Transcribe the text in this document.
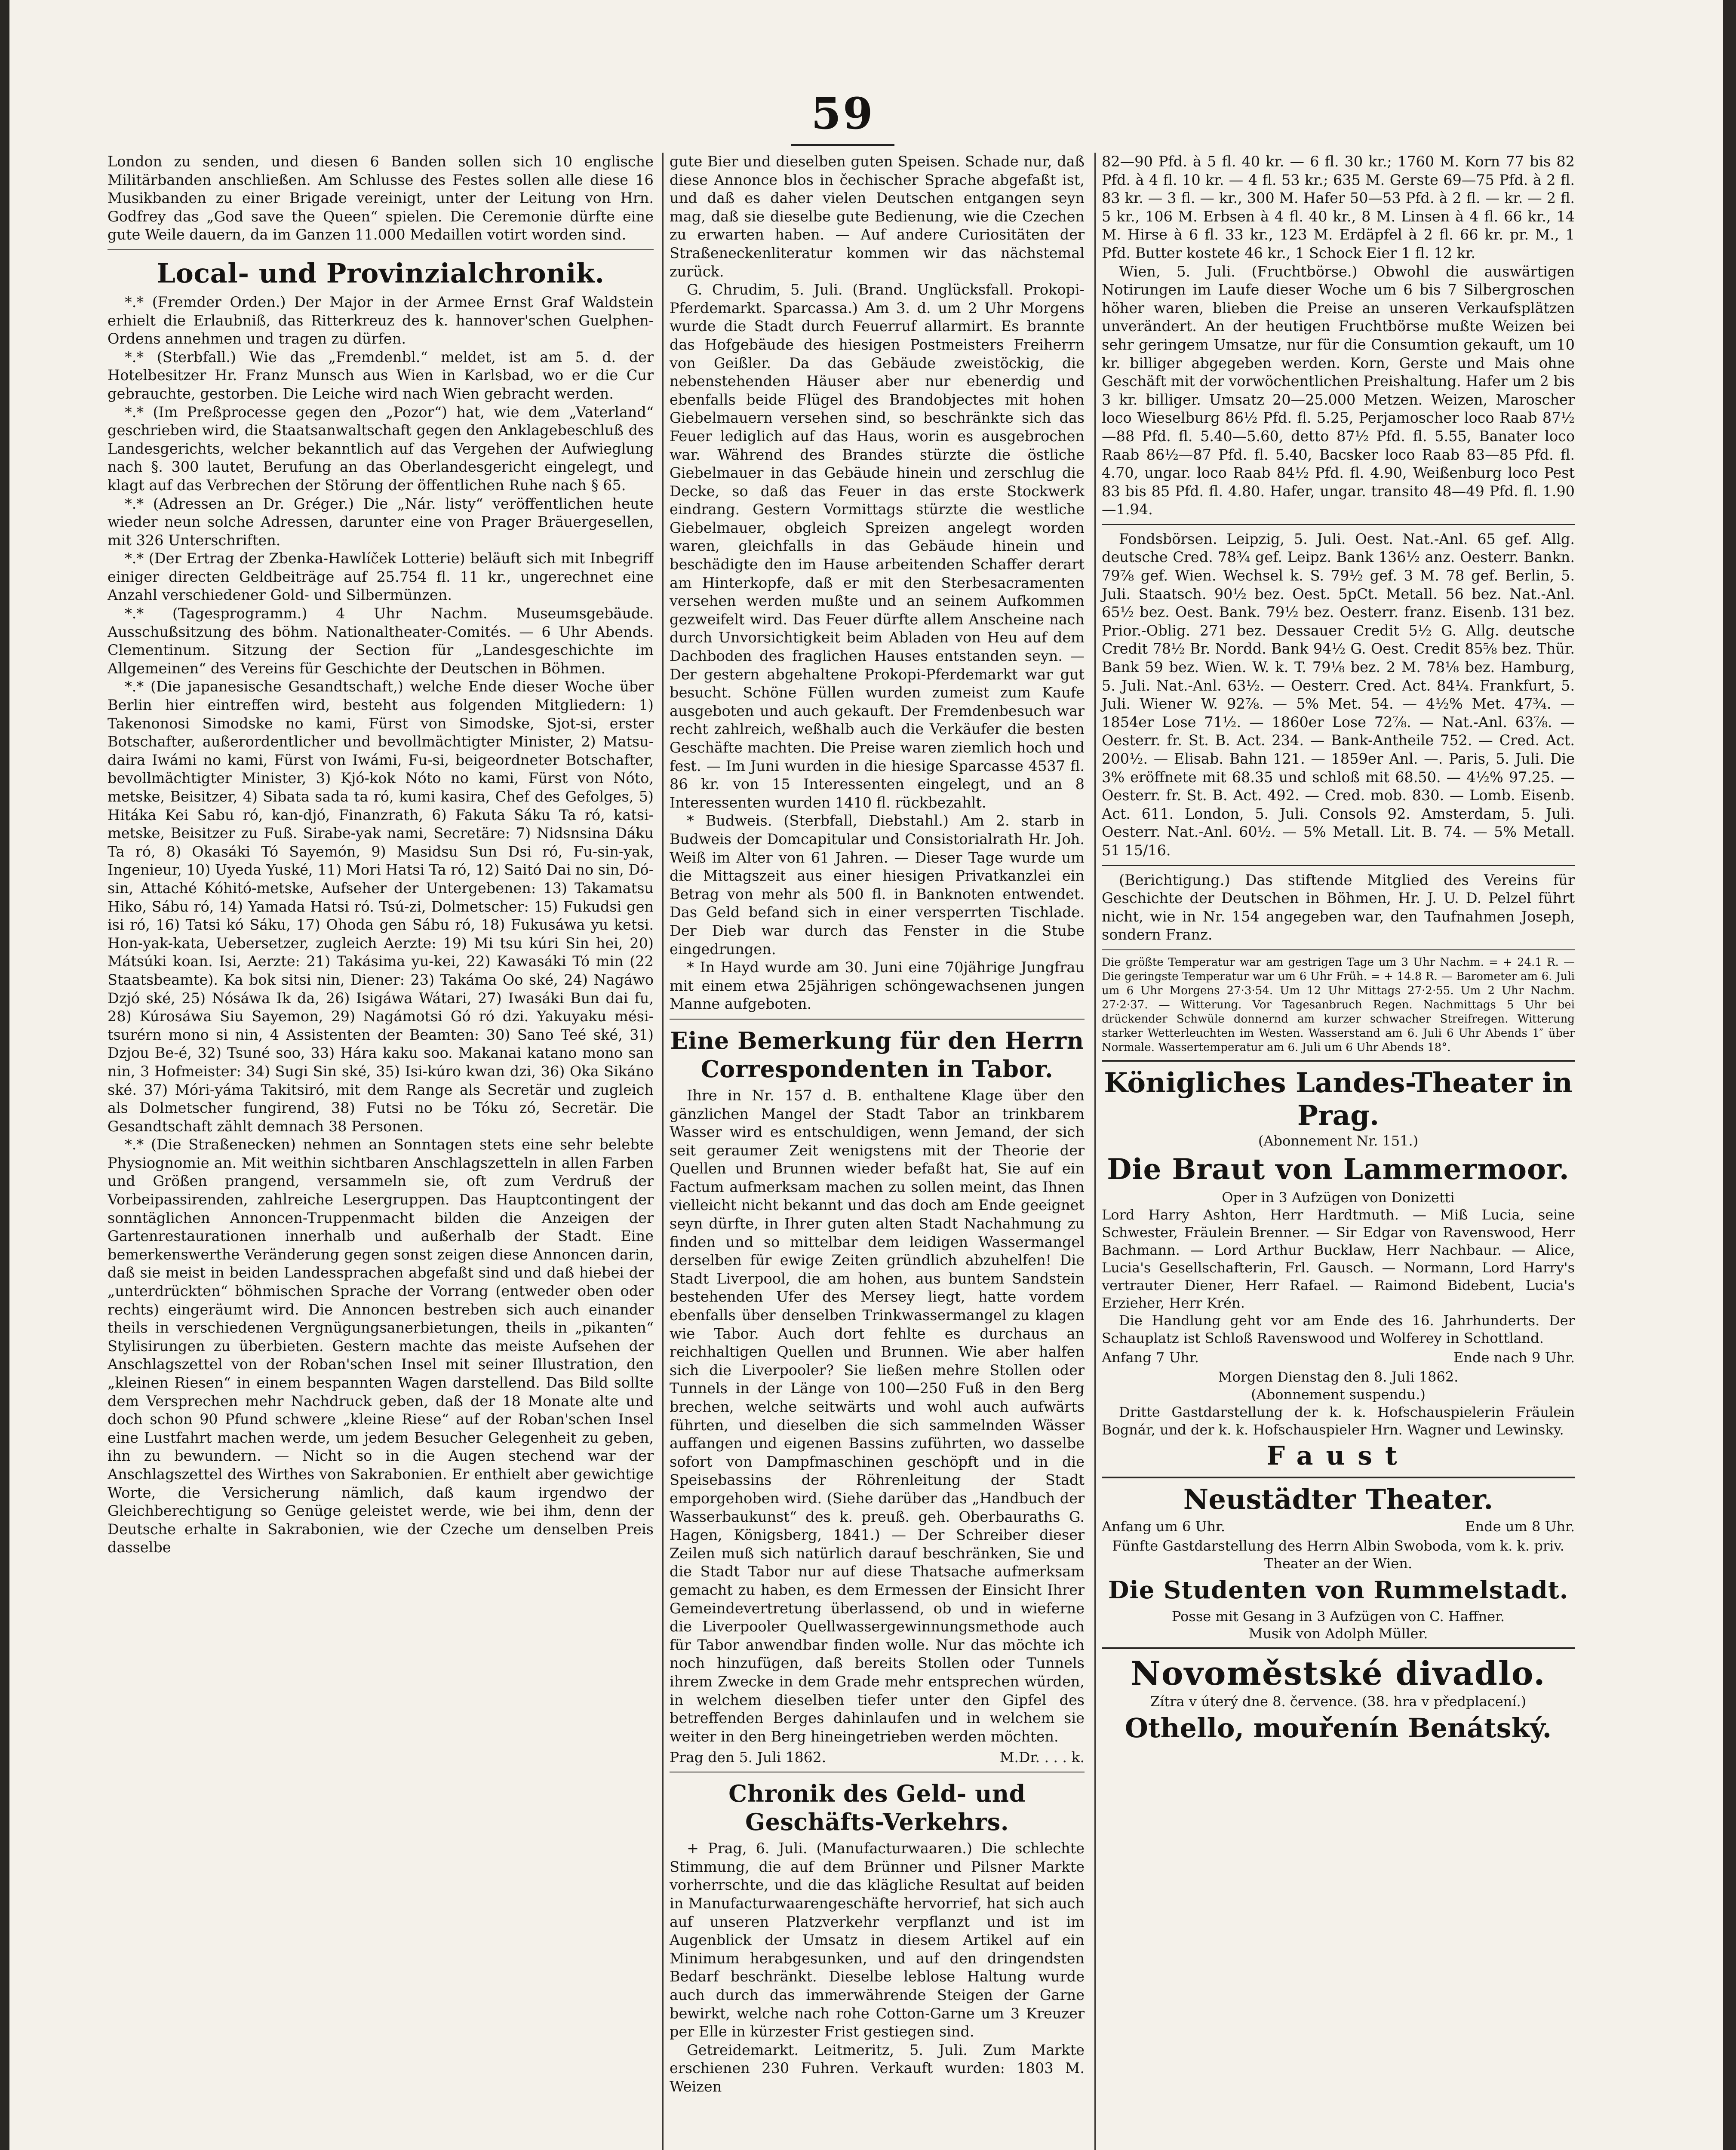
59

London zu senden, und diesen 6 Banden sollen sich 10 englische Militärbanden anschließen. Am Schlusse des Festes sollen alle diese 16 Musikbanden zu einer Brigade vereinigt, unter der Leitung von Hrn. Godfrey das „God save the Queen“ spielen. Die Ceremonie dürfte eine gute Weile dauern, da im Ganzen 11.000 Medaillen votirt worden sind.

Local- und Provinzialchronik.

*.* (Fremder Orden.) Der Major in der Armee Ernst Graf Waldstein erhielt die Erlaubniß, das Ritterkreuz des k. hannover'schen Guelphen-Ordens annehmen und tragen zu dürfen.

*.* (Sterbfall.) Wie das „Fremdenbl.“ meldet, ist am 5. d. der Hotelbesitzer Hr. Franz Munsch aus Wien in Karlsbad, wo er die Cur gebrauchte, gestorben. Die Leiche wird nach Wien gebracht werden.

*.* (Im Preßprocesse gegen den „Pozor“) hat, wie dem „Vaterland“ geschrieben wird, die Staatsanwaltschaft gegen den Anklagebeschluß des Landesgerichts, welcher bekanntlich auf das Vergehen der Aufwieglung nach §. 300 lautet, Berufung an das Oberlandesgericht eingelegt, und klagt auf das Verbrechen der Störung der öffentlichen Ruhe nach § 65.

*.* (Adressen an Dr. Gréger.) Die „Nár. listy“ veröffentlichen heute wieder neun solche Adressen, darunter eine von Prager Bräuergesellen, mit 326 Unterschriften.

*.* (Der Ertrag der Zbenka-Hawlíček Lotterie) beläuft sich mit Inbegriff einiger directen Geldbeiträge auf 25.754 fl. 11 kr., ungerechnet eine Anzahl verschiedener Gold- und Silbermünzen.

*.* (Tagesprogramm.) 4 Uhr Nachm. Museumsgebäude. Ausschußsitzung des böhm. Nationaltheater-Comités. — 6 Uhr Abends. Clementinum. Sitzung der Section für „Landesgeschichte im Allgemeinen“ des Vereins für Geschichte der Deutschen in Böhmen.

*.* (Die japanesische Gesandtschaft,) welche Ende dieser Woche über Berlin hier eintreffen wird, besteht aus folgenden Mitgliedern: 1) Takenonosi Simodske no kami, Fürst von Simodske, Sjot-si, erster Botschafter, außerordentlicher und bevollmächtigter Minister, 2) Matsu-daira Iwámi no kami, Fürst von Iwámi, Fu-si, beigeordneter Botschafter, bevollmächtigter Minister, 3) Kjó-kok Nóto no kami, Fürst von Nóto, metske, Beisitzer, 4) Sibata sada ta ró, kumi kasira, Chef des Gefolges, 5) Hitáka Kei Sabu ró, kan-djó, Finanzrath, 6) Fakuta Sáku Ta ró, katsi-metske, Beisitzer zu Fuß. Sirabe-yak nami, Secretäre: 7) Nidsnsina Dáku Ta ró, 8) Okasáki Tó Sayemón, 9) Masidsu Sun Dsi ró, Fu-sin-yak, Ingenieur, 10) Uyeda Yuské, 11) Mori Hatsi Ta ró, 12) Saitó Dai no sin, Dó-sin, Attaché Kóhitó-metske, Aufseher der Untergebenen: 13) Takamatsu Hiko, Sábu ró, 14) Yamada Hatsi ró. Tsú-zi, Dolmetscher: 15) Fukudsi gen isi ró, 16) Tatsi kó Sáku, 17) Ohoda gen Sábu ró, 18) Fukusáwa yu ketsi. Hon-yak-kata, Uebersetzer, zugleich Aerzte: 19) Mi tsu kúri Sin hei, 20) Mátsúki koan. Isi, Aerzte: 21) Takásima yu-kei, 22) Kawasáki Tó min (22 Staatsbeamte). Ka bok sitsi nin, Diener: 23) Takáma Oo ské, 24) Nagáwo Dzjó ské, 25) Nósáwa Ik da, 26) Isigáwa Wátari, 27) Iwasáki Bun dai fu, 28) Kúrosáwa Siu Sayemon, 29) Nagámotsi Gó ró dzi. Yakuyaku mési-tsurérn mono si nin, 4 Assistenten der Beamten: 30) Sano Teé ské, 31) Dzjou Be-é, 32) Tsuné soo, 33) Hára kaku soo. Makanai katano mono san nin, 3 Hofmeister: 34) Sugi Sin ské, 35) Isi-kúro kwan dzi, 36) Oka Sikáno ské. 37) Móri-yáma Takitsiró, mit dem Range als Secretär und zugleich als Dolmetscher fungirend, 38) Futsi no be Tóku zó, Secretär. Die Gesandtschaft zählt demnach 38 Personen.

*.* (Die Straßenecken) nehmen an Sonntagen stets eine sehr belebte Physiognomie an. Mit weithin sichtbaren Anschlagszetteln in allen Farben und Größen prangend, versammeln sie, oft zum Verdruß der Vorbeipassirenden, zahlreiche Lesergruppen. Das Hauptcontingent der sonntäglichen Annoncen-Truppenmacht bilden die Anzeigen der Gartenrestaurationen innerhalb und außerhalb der Stadt. Eine bemerkenswerthe Veränderung gegen sonst zeigen diese Annoncen darin, daß sie meist in beiden Landessprachen abgefaßt sind und daß hiebei der „unterdrückten“ böhmischen Sprache der Vorrang (entweder oben oder rechts) eingeräumt wird. Die Annoncen bestreben sich auch einander theils in verschiedenen Vergnügungsanerbietungen, theils in „pikanten“ Stylisirungen zu überbieten. Gestern machte das meiste Aufsehen der Anschlagszettel von der Roban'schen Insel mit seiner Illustration, den „kleinen Riesen“ in einem bespannten Wagen darstellend. Das Bild sollte dem Versprechen mehr Nachdruck geben, daß der 18 Monate alte und doch schon 90 Pfund schwere „kleine Riese“ auf der Roban'schen Insel eine Lustfahrt machen werde, um jedem Besucher Gelegenheit zu geben, ihn zu bewundern. — Nicht so in die Augen stechend war der Anschlagszettel des Wirthes von Sakrabonien. Er enthielt aber gewichtige Worte, die Versicherung nämlich, daß kaum irgendwo der Gleichberechtigung so Genüge geleistet werde, wie bei ihm, denn der Deutsche erhalte in Sakrabonien, wie der Czeche um denselben Preis dasselbe

gute Bier und dieselben guten Speisen. Schade nur, daß diese Annonce blos in čechischer Sprache abgefaßt ist, und daß es daher vielen Deutschen entgangen seyn mag, daß sie dieselbe gute Bedienung, wie die Czechen zu erwarten haben. — Auf andere Curiositäten der Straßeneckenliteratur kommen wir das nächstemal zurück.

G. Chrudim, 5. Juli. (Brand. Unglücksfall. Prokopi-Pferdemarkt. Sparcassa.) Am 3. d. um 2 Uhr Morgens wurde die Stadt durch Feuerruf allarmirt. Es brannte das Hofgebäude des hiesigen Postmeisters Freiherrn von Geißler. Da das Gebäude zweistöckig, die nebenstehenden Häuser aber nur ebenerdig und ebenfalls beide Flügel des Brandobjectes mit hohen Giebelmauern versehen sind, so beschränkte sich das Feuer lediglich auf das Haus, worin es ausgebrochen war. Während des Brandes stürzte die östliche Giebelmauer in das Gebäude hinein und zerschlug die Decke, so daß das Feuer in das erste Stockwerk eindrang. Gestern Vormittags stürzte die westliche Giebelmauer, obgleich Spreizen angelegt worden waren, gleichfalls in das Gebäude hinein und beschädigte den im Hause arbeitenden Schaffer derart am Hinterkopfe, daß er mit den Sterbesacramenten versehen werden mußte und an seinem Aufkommen gezweifelt wird. Das Feuer dürfte allem Anscheine nach durch Unvorsichtigkeit beim Abladen von Heu auf dem Dachboden des fraglichen Hauses entstanden seyn. — Der gestern abgehaltene Prokopi-Pferdemarkt war gut besucht. Schöne Füllen wurden zumeist zum Kaufe ausgeboten und auch gekauft. Der Fremdenbesuch war recht zahlreich, weßhalb auch die Verkäufer die besten Geschäfte machten. Die Preise waren ziemlich hoch und fest. — Im Juni wurden in die hiesige Sparcasse 4537 fl. 86 kr. von 15 Interessenten eingelegt, und an 8 Interessenten wurden 1410 fl. rückbezahlt.

* Budweis. (Sterbfall, Diebstahl.) Am 2. starb in Budweis der Domcapitular und Consistorialrath Hr. Joh. Weiß im Alter von 61 Jahren. — Dieser Tage wurde um die Mittagszeit aus einer hiesigen Privatkanzlei ein Betrag von mehr als 500 fl. in Banknoten entwendet. Das Geld befand sich in einer versperrten Tischlade. Der Dieb war durch das Fenster in die Stube eingedrungen.

* In Hayd wurde am 30. Juni eine 70jährige Jungfrau mit einem etwa 25jährigen schöngewachsenen jungen Manne aufgeboten.

Eine Bemerkung für den Herrn Correspondenten in Tabor.

Ihre in Nr. 157 d. B. enthaltene Klage über den gänzlichen Mangel der Stadt Tabor an trinkbarem Wasser wird es entschuldigen, wenn Jemand, der sich seit geraumer Zeit wenigstens mit der Theorie der Quellen und Brunnen wieder befaßt hat, Sie auf ein Factum aufmerksam machen zu sollen meint, das Ihnen vielleicht nicht bekannt und das doch am Ende geeignet seyn dürfte, in Ihrer guten alten Stadt Nachahmung zu finden und so mittelbar dem leidigen Wassermangel derselben für ewige Zeiten gründlich abzuhelfen! Die Stadt Liverpool, die am hohen, aus buntem Sandstein bestehenden Ufer des Mersey liegt, hatte vordem ebenfalls über denselben Trinkwassermangel zu klagen wie Tabor. Auch dort fehlte es durchaus an reichhaltigen Quellen und Brunnen. Wie aber halfen sich die Liverpooler? Sie ließen mehre Stollen oder Tunnels in der Länge von 100—250 Fuß in den Berg brechen, welche seitwärts und wohl auch aufwärts führten, und dieselben die sich sammelnden Wässer auffangen und eigenen Bassins zuführten, wo dasselbe sofort von Dampfmaschinen geschöpft und in die Speisebassins der Röhrenleitung der Stadt emporgehoben wird. (Siehe darüber das „Handbuch der Wasserbaukunst“ des k. preuß. geh. Oberbauraths G. Hagen, Königsberg, 1841.) — Der Schreiber dieser Zeilen muß sich natürlich darauf beschränken, Sie und die Stadt Tabor nur auf diese Thatsache aufmerksam gemacht zu haben, es dem Ermessen der Einsicht Ihrer Gemeindevertretung überlassend, ob und in wieferne die Liverpooler Quellwassergewinnungsmethode auch für Tabor anwendbar finden wolle. Nur das möchte ich noch hinzufügen, daß bereits Stollen oder Tunnels ihrem Zwecke in dem Grade mehr entsprechen würden, in welchem dieselben tiefer unter den Gipfel des betreffenden Berges dahinlaufen und in welchem sie weiter in den Berg hineingetrieben werden möchten.

Prag den 5. Juli 1862.	M.Dr. . . . k.
Chronik des Geld- und Geschäfts-Verkehrs.

+ Prag, 6. Juli. (Manufacturwaaren.) Die schlechte Stimmung, die auf dem Brünner und Pilsner Markte vorherrschte, und die das klägliche Resultat auf beiden in Manufacturwaarengeschäfte hervorrief, hat sich auch auf unseren Platzverkehr verpflanzt und ist im Augenblick der Umsatz in diesem Artikel auf ein Minimum herabgesunken, und auf den dringendsten Bedarf beschränkt. Dieselbe leblose Haltung wurde auch durch das immerwährende Steigen der Garne bewirkt, welche nach rohe Cotton-Garne um 3 Kreuzer per Elle in kürzester Frist gestiegen sind.

Getreidemarkt. Leitmeritz, 5. Juli. Zum Markte erschienen 230 Fuhren. Verkauft wurden: 1803 M. Weizen

82—90 Pfd. à 5 fl. 40 kr. — 6 fl. 30 kr.; 1760 M. Korn 77 bis 82 Pfd. à 4 fl. 10 kr. — 4 fl. 53 kr.; 635 M. Gerste 69—75 Pfd. à 2 fl. 83 kr. — 3 fl. — kr., 300 M. Hafer 50—53 Pfd. à 2 fl. — kr. — 2 fl. 5 kr., 106 M. Erbsen à 4 fl. 40 kr., 8 M. Linsen à 4 fl. 66 kr., 14 M. Hirse à 6 fl. 33 kr., 123 M. Erdäpfel à 2 fl. 66 kr. pr. M., 1 Pfd. Butter kostete 46 kr., 1 Schock Eier 1 fl. 12 kr.

Wien, 5. Juli. (Fruchtbörse.) Obwohl die auswärtigen Notirungen im Laufe dieser Woche um 6 bis 7 Silbergroschen höher waren, blieben die Preise an unseren Verkaufsplätzen unverändert. An der heutigen Fruchtbörse mußte Weizen bei sehr geringem Umsatze, nur für die Consumtion gekauft, um 10 kr. billiger abgegeben werden. Korn, Gerste und Mais ohne Geschäft mit der vorwöchentlichen Preishaltung. Hafer um 2 bis 3 kr. billiger. Umsatz 20—25.000 Metzen. Weizen, Maroscher loco Wieselburg 86½ Pfd. fl. 5.25, Perjamoscher loco Raab 87½—88 Pfd. fl. 5.40—5.60, detto 87½ Pfd. fl. 5.55, Banater loco Raab 86½—87 Pfd. fl. 5.40, Bacsker loco Raab 83—85 Pfd. fl. 4.70, ungar. loco Raab 84½ Pfd. fl. 4.90, Weißenburg loco Pest 83 bis 85 Pfd. fl. 4.80. Hafer, ungar. transito 48—49 Pfd. fl. 1.90—1.94.

Fondsbörsen. Leipzig, 5. Juli. Oest. Nat.-Anl. 65 gef. Allg. deutsche Cred. 78¾ gef. Leipz. Bank 136½ anz. Oesterr. Bankn. 79⅞ gef. Wien. Wechsel k. S. 79½ gef. 3 M. 78 gef. Berlin, 5. Juli. Staatsch. 90½ bez. Oest. 5pCt. Metall. 56 bez. Nat.-Anl. 65½ bez. Oest. Bank. 79½ bez. Oesterr. franz. Eisenb. 131 bez. Prior.-Oblig. 271 bez. Dessauer Credit 5½ G. Allg. deutsche Credit 78½ Br. Nordd. Bank 94½ G. Oest. Credit 85⅝ bez. Thür. Bank 59 bez. Wien. W. k. T. 79⅛ bez. 2 M. 78⅛ bez. Hamburg, 5. Juli. Nat.-Anl. 63½. — Oesterr. Cred. Act. 84¼. Frankfurt, 5. Juli. Wiener W. 92⅞. — 5% Met. 54. — 4½% Met. 47¾. — 1854er Lose 71½. — 1860er Lose 72⅞. — Nat.-Anl. 63⅞. — Oesterr. fr. St. B. Act. 234. — Bank-Antheile 752. — Cred. Act. 200½. — Elisab. Bahn 121. — 1859er Anl. —. Paris, 5. Juli. Die 3% eröffnete mit 68.35 und schloß mit 68.50. — 4½% 97.25. — Oesterr. fr. St. B. Act. 492. — Cred. mob. 830. — Lomb. Eisenb. Act. 611. London, 5. Juli. Consols 92. Amsterdam, 5. Juli. Oesterr. Nat.-Anl. 60½. — 5% Metall. Lit. B. 74. — 5% Metall. 51 15/16.

(Berichtigung.) Das stiftende Mitglied des Vereins für Geschichte der Deutschen in Böhmen, Hr. J. U. D. Pelzel führt nicht, wie in Nr. 154 angegeben war, den Taufnahmen Joseph, sondern Franz.

Die größte Temperatur war am gestrigen Tage um 3 Uhr Nachm. = + 24.1 R. — Die geringste Temperatur war um 6 Uhr Früh. = + 14.8 R. — Barometer am 6. Juli um 6 Uhr Morgens 27·3·54. Um 12 Uhr Mittags 27·2·55. Um 2 Uhr Nachm. 27·2·37. — Witterung. Vor Tagesanbruch Regen. Nachmittags 5 Uhr bei drückender Schwüle donnernd am kurzer schwacher Streifregen. Witterung starker Wetterleuchten im Westen. Wasserstand am 6. Juli 6 Uhr Abends 1″ über Normale. Wassertemperatur am 6. Juli um 6 Uhr Abends 18°.

Königliches Landes-Theater in Prag.
(Abonnement Nr. 151.)
Die Braut von Lammermoor.
Oper in 3 Aufzügen von Donizetti

Lord Harry Ashton, Herr Hardtmuth. — Miß Lucia, seine Schwester, Fräulein Brenner. — Sir Edgar von Ravenswood, Herr Bachmann. — Lord Arthur Bucklaw, Herr Nachbaur. — Alice, Lucia's Gesellschafterin, Frl. Gausch. — Normann, Lord Harry's vertrauter Diener, Herr Rafael. — Raimond Bidebent, Lucia's Erzieher, Herr Krén.

Die Handlung geht vor am Ende des 16. Jahrhunderts. Der Schauplatz ist Schloß Ravenswood und Wolferey in Schottland.

Anfang 7 Uhr.	Ende nach 9 Uhr.
Morgen Dienstag den 8. Juli 1862.
(Abonnement suspendu.)

Dritte Gastdarstellung der k. k. Hofschauspielerin Fräulein Bognár, und der k. k. Hofschauspieler Hrn. Wagner und Lewinsky.

Faust
Neustädter Theater.
Anfang um 6 Uhr.	Ende um 8 Uhr.

Fünfte Gastdarstellung des Herrn Albin Swoboda, vom k. k. priv. Theater an der Wien.

Die Studenten von Rummelstadt.
Posse mit Gesang in 3 Aufzügen von C. Haffner.
Musik von Adolph Müller.
Novoměstské divadlo.
Zítra v úterý dne 8. července. (38. hra v předplacení.)
Othello, mouřenín Benátský.
